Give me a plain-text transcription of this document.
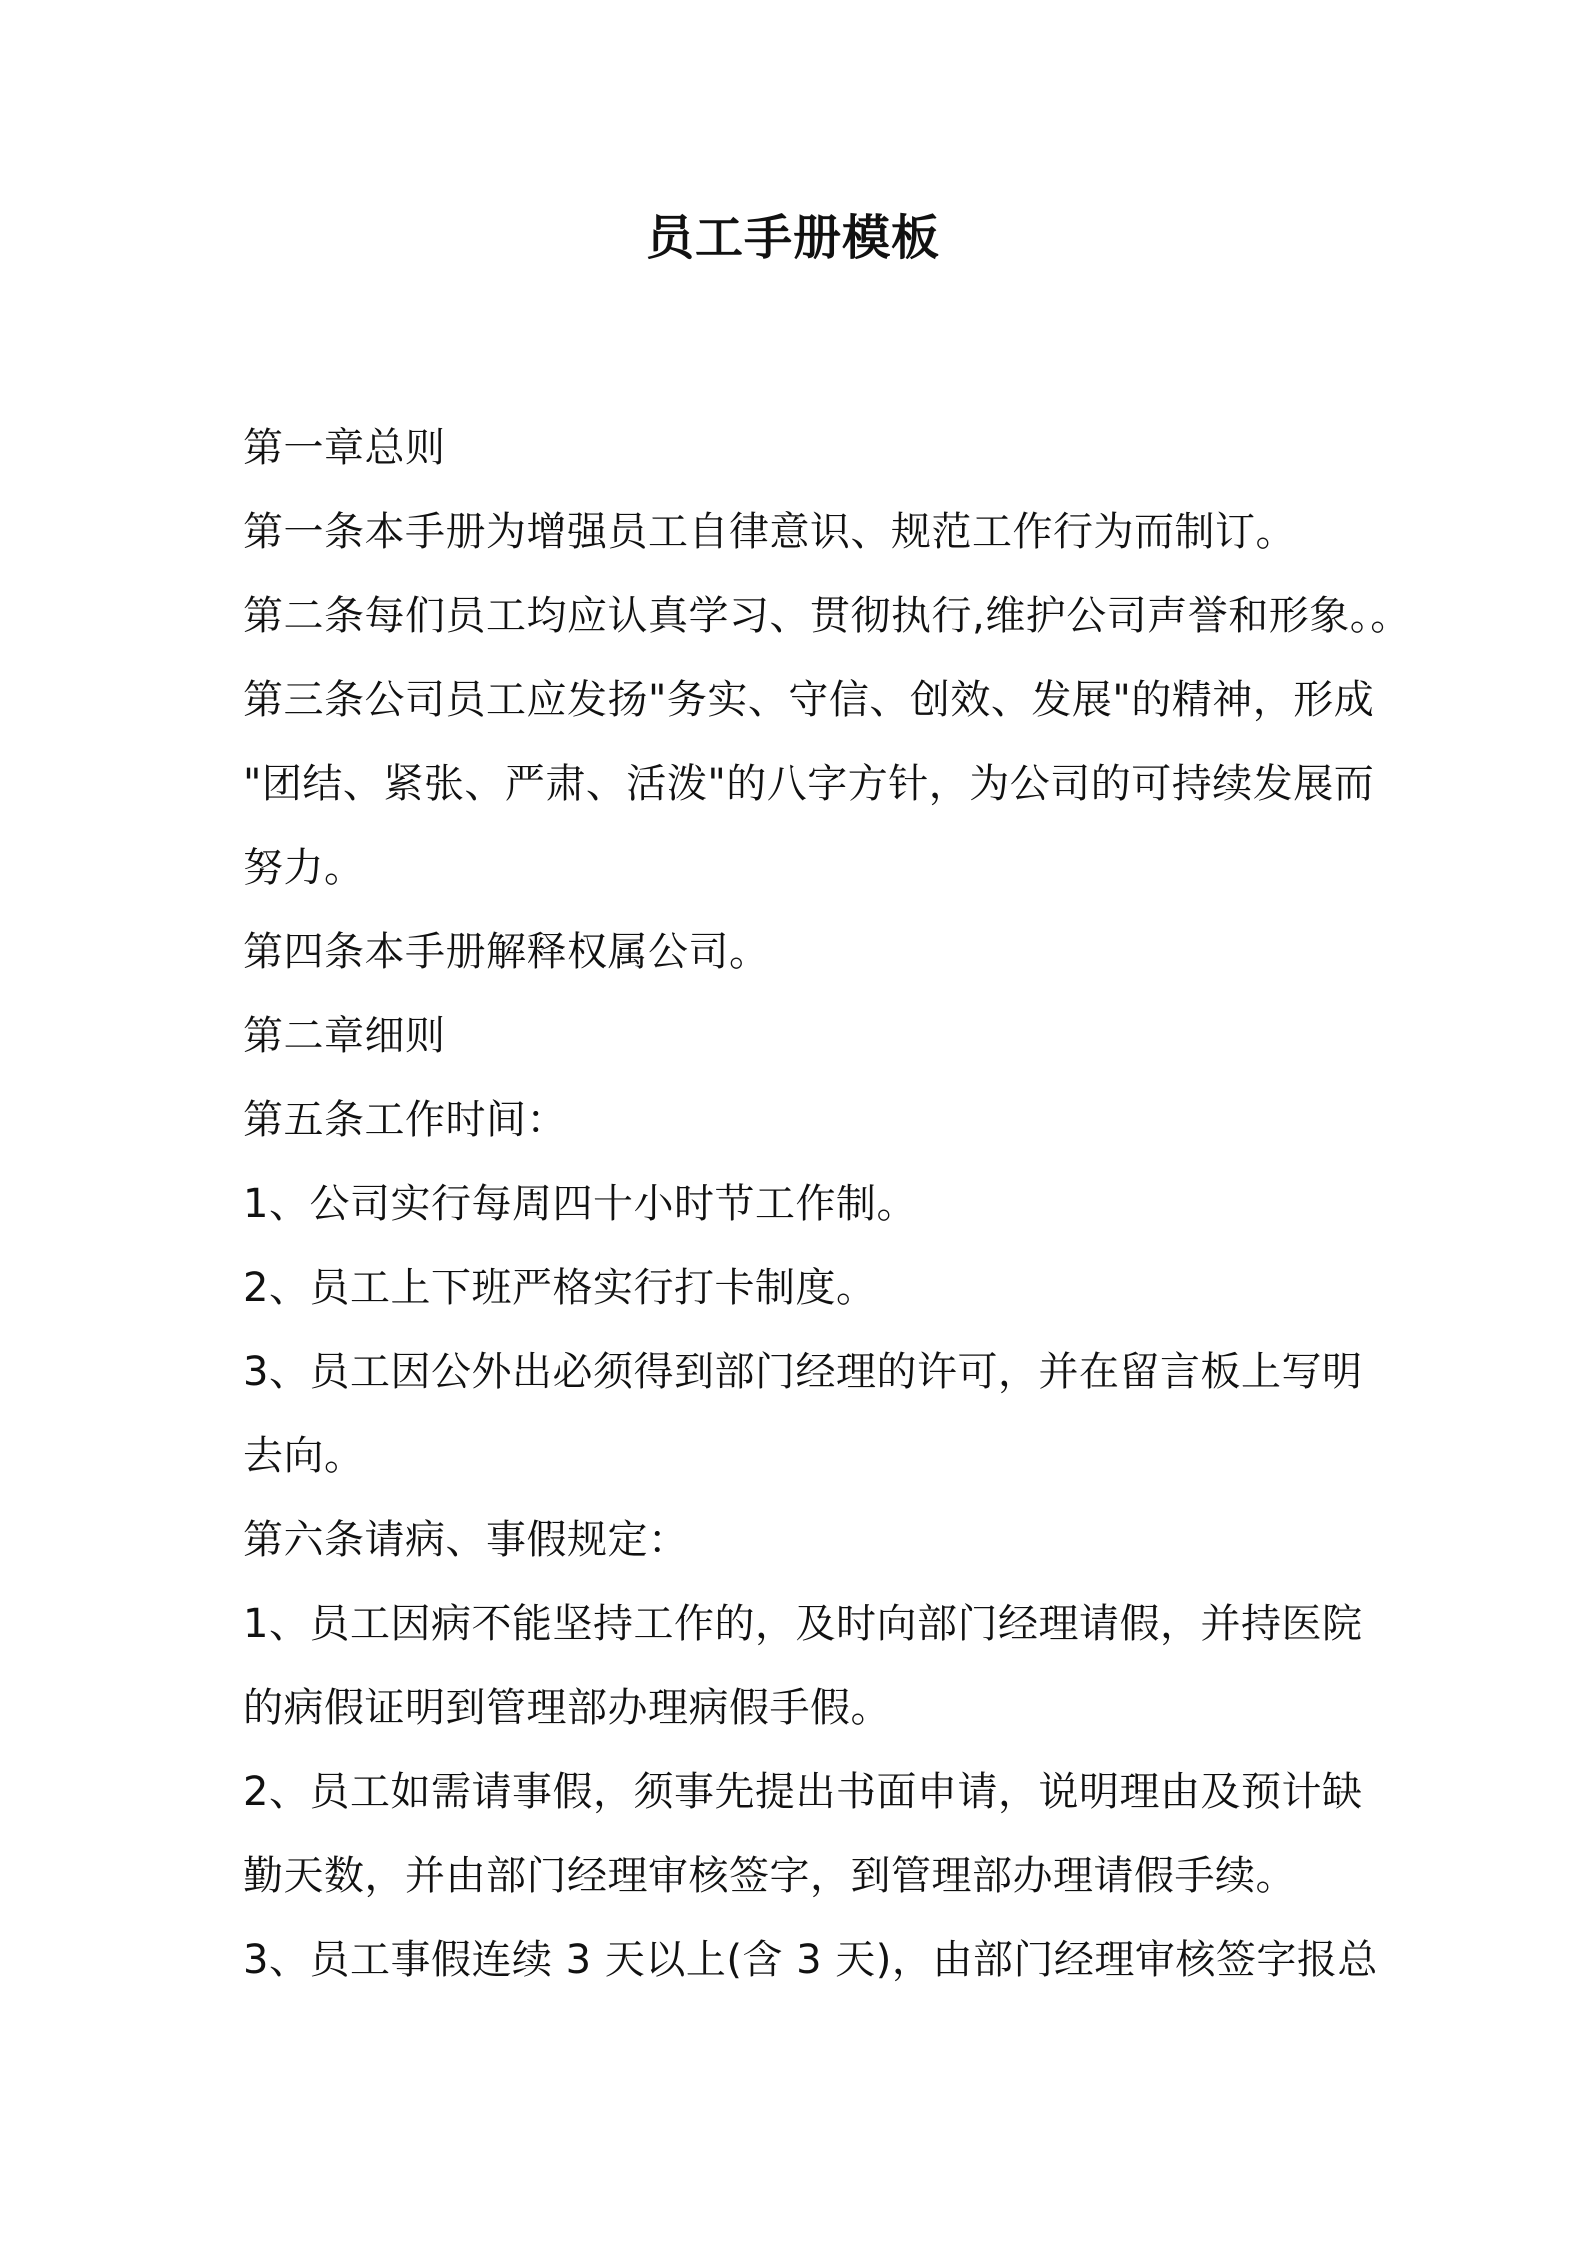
员工手册模板
第一章总则
第一条本手册为增强员工自律意识、规范工作行为而制订。
第二条每们员工均应认真学习、贯彻执行,维护公司声誉和形象。。
第三条公司员工应发扬"务实、守信、创效、发展"的精神，形成
"团结、紧张、严肃、活泼"的八字方针，为公司的可持续发展而
努力。
第四条本手册解释权属公司。
第二章细则
第五条工作时间：
1、公司实行每周四十小时节工作制。
2、员工上下班严格实行打卡制度。
3、员工因公外出必须得到部门经理的许可，并在留言板上写明
去向。
第六条请病、事假规定：
1、员工因病不能坚持工作的，及时向部门经理请假，并持医院
的病假证明到管理部办理病假手假。
2、员工如需请事假，须事先提出书面申请，说明理由及预计缺
勤天数，并由部门经理审核签字，到管理部办理请假手续。
3、员工事假连续 3 天以上(含 3 天)，由部门经理审核签字报总
